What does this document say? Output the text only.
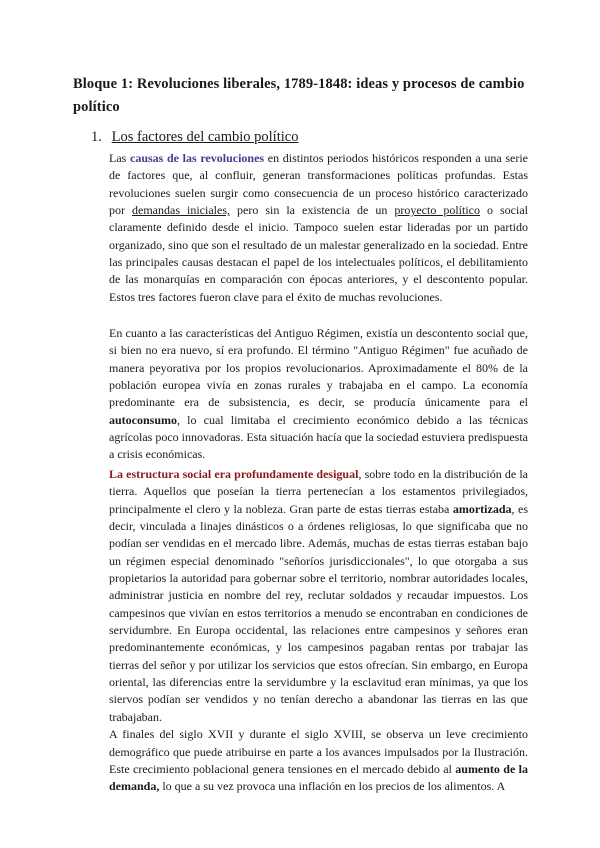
Bloque 1: Revoluciones liberales, 1789-1848: ideas y procesos de cambio político
1. Los factores del cambio político

Las causas de las revoluciones en distintos periodos históricos responden a una serie de factores que, al confluir, generan transformaciones políticas profundas. Estas revoluciones suelen surgir como consecuencia de un proceso histórico caracterizado por demandas iniciales, pero sin la existencia de un proyecto político o social claramente definido desde el inicio. Tampoco suelen estar lideradas por un partido organizado, sino que son el resultado de un malestar generalizado en la sociedad. Entre las principales causas destacan el papel de los intelectuales políticos, el debilitamiento de las monarquías en comparación con épocas anteriores, y el descontento popular. Estos tres factores fueron clave para el éxito de muchas revoluciones.

En cuanto a las características del Antiguo Régimen, existía un descontento social que, si bien no era nuevo, sí era profundo. El término "Antiguo Régimen" fue acuñado de manera peyorativa por los propios revolucionarios. Aproximadamente el 80% de la población europea vivía en zonas rurales y trabajaba en el campo. La economía predominante era de subsistencia, es decir, se producía únicamente para el autoconsumo, lo cual limitaba el crecimiento económico debido a las técnicas agrícolas poco innovadoras. Esta situación hacía que la sociedad estuviera predispuesta a crisis económicas.

La estructura social era profundamente desigual, sobre todo en la distribución de la tierra. Aquellos que poseían la tierra pertenecían a los estamentos privilegiados, principalmente el clero y la nobleza. Gran parte de estas tierras estaba amortizada, es decir, vinculada a linajes dinásticos o a órdenes religiosas, lo que significaba que no podían ser vendidas en el mercado libre. Además, muchas de estas tierras estaban bajo un régimen especial denominado "señoríos jurisdiccionales", lo que otorgaba a sus propietarios la autoridad para gobernar sobre el territorio, nombrar autoridades locales, administrar justicia en nombre del rey, reclutar soldados y recaudar impuestos. Los campesinos que vivían en estos territorios a menudo se encontraban en condiciones de servidumbre. En Europa occidental, las relaciones entre campesinos y señores eran predominantemente económicas, y los campesinos pagaban rentas por trabajar las tierras del señor y por utilizar los servicios que estos ofrecían. Sin embargo, en Europa oriental, las diferencias entre la servidumbre y la esclavitud eran mínimas, ya que los siervos podían ser vendidos y no tenían derecho a abandonar las tierras en las que trabajaban.

A finales del siglo XVII y durante el siglo XVIII, se observa un leve crecimiento demográfico que puede atribuirse en parte a los avances impulsados por la Ilustración. Este crecimiento poblacional genera tensiones en el mercado debido al aumento de la demanda, lo que a su vez provoca una inflación en los precios de los alimentos. A
